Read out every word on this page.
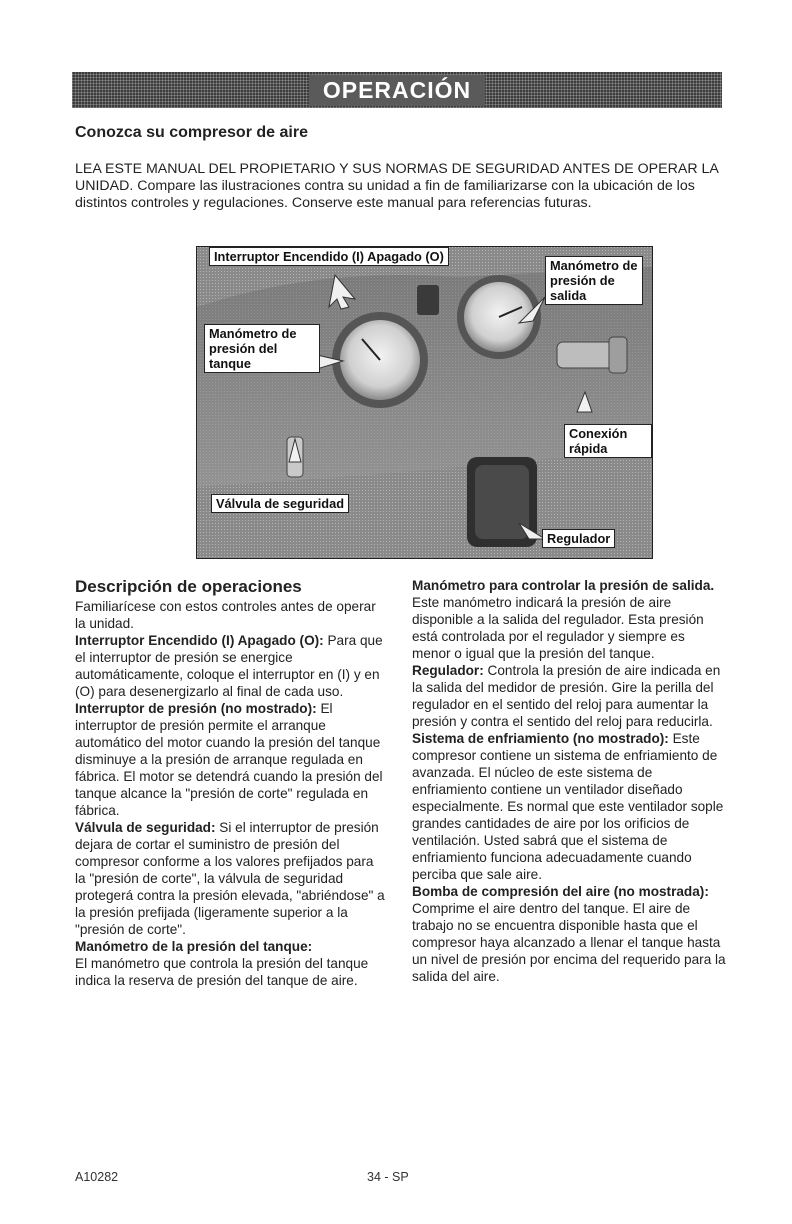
OPERACIÓN
Conozca su compresor de aire

LEA ESTE MANUAL DEL PROPIETARIO Y SUS NORMAS DE SEGURIDAD ANTES DE OPERAR LA UNIDAD. Compare las ilustraciones contra su unidad a fin de familiarizarse con la ubicación de los distintos controles y regulaciones. Conserve este manual para referencias futuras.

Interruptor Encendido (I) Apagado (O)
Manómetro de presión de salida
Manómetro de presión del tanque
Conexión rápida
Válvula de seguridad
Regulador
Descripción de operaciones

Familiarícese con estos controles antes de operar la unidad.

Interruptor Encendido (I) Apagado (O): Para que el interruptor de presión se energice automáticamente, coloque el interruptor en (I) y en (O) para desenergizarlo al final de cada uso.

Interruptor de presión (no mostrado): El interruptor de presión permite el arranque automático del motor cuando la presión del tanque disminuye a la presión de arranque regulada en fábrica. El motor se detendrá cuando la presión del tanque alcance la "presión de corte" regulada en fábrica.

Válvula de seguridad: Si el interruptor de presión dejara de cortar el suministro de presión del compresor conforme a los valores prefijados para la "presión de corte", la válvula de seguridad protegerá contra la presión elevada, "abriéndose" a la presión prefijada (ligeramente superior a la "presión de corte".

Manómetro de la presión del tanque:
El manómetro que controla la presión del tanque indica la reserva de presión del tanque de aire.

Manómetro para controlar la presión de salida. Este manómetro indicará la presión de aire disponible a la salida del regulador. Esta presión está controlada por el regulador y siempre es menor o igual que la presión del tanque.

Regulador: Controla la presión de aire indicada en la salida del medidor de presión. Gire la perilla del regulador en el sentido del reloj para aumentar la presión y contra el sentido del reloj para reducirla.

Sistema de enfriamiento (no mostrado): Este compresor contiene un sistema de enfriamiento de avanzada. El núcleo de este sistema de enfriamiento contiene un ventilador diseñado especialmente. Es normal que este ventilador sople grandes cantidades de aire por los orificios de ventilación. Usted sabrá que el sistema de enfriamiento funciona adecuadamente cuando perciba que sale aire.

Bomba de compresión del aire (no mostrada): Comprime el aire dentro del tanque. El aire de trabajo no se encuentra disponible hasta que el compresor haya alcanzado a llenar el tanque hasta un nivel de presión por encima del requerido para la salida del aire.

A10282	34 - SP
